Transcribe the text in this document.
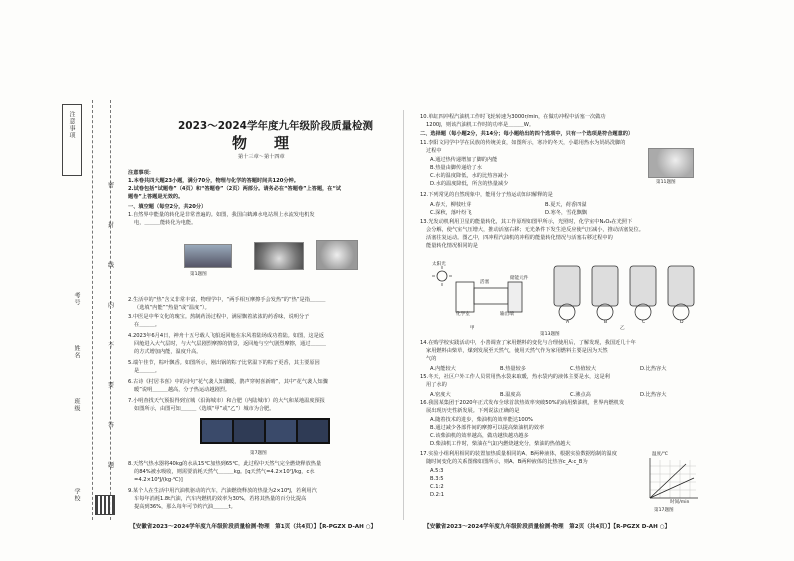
注意事项
学校
班级
姓名
考号
密
封
线
内
不
要
答
题
2023～2024学年度九年级阶段质量检测
物　理
第十三章～第十四章
注意事项：
1.本卷共四大题23小题，满分70分，物理与化学的答题时间共120分钟。
2.试卷包括“试题卷”（4页）和“答题卷”（2页）两部分。请务必在“答题卷”上答题，在“试
题卷”上答题是无效的。
一、填空题（每空2分，共20分）
1.自然界中能量的转化是非常普遍的。如图，我国白鹤滩水电站坝上水流发电机发
电，＿＿＿能转化为电能。
第1题图
2.生活中的“热”含义非常丰富，物理学中，“两手相互摩擦手会发热”的“热”是指＿＿＿
（选填“内能”“热量”或“温度”）。
3.中医是中华文化的瑰宝。熬制药汤过程中，满屋飘着浓浓的药香味，说明分子
在＿＿＿。
4.2023年6月4日，神舟十五号载人飞船返回舱在东风着陆场成功着陆。如图，这是返
回舱进入大气层时，与大气层剧烈摩擦的情景，返回舱与空气剧烈摩擦，通过＿＿＿
的方式增加内能，温度升高。
5.端午佳节，粽叶飘香。如图所示，刚出锅的粽子比常温下的粽子更香，其主要原因
是＿＿＿。
6.古诗《村居书喜》中的诗句“花气袭人知骤暖，鹊声穿树喜新晴”，其中“花气袭人知骤
暖”说明＿＿＿越高，分子热运动越剧烈。
7.小明查找天气预报得到宣城（沿海城市）和合肥（内陆城市）的大气和某地温度预报
如图所示，由图可知＿＿＿（选填“甲”或“乙”）城市为合肥。
第7题图
8.天然气热水器将40kg的水从15℃加热到65℃，此过程中天然气完全燃烧释放热量
的84%被水吸收，则需要消耗天然气＿＿＿kg。[q天然气=4.2×10⁷J/kg，c水
=4.2×10³J/(kg·℃)]
9.某个人在生活中用汽油机驱动的汽车，汽油燃烧释放的热量为2×10⁸J，若利用汽
车每年消耗1.8t汽油，汽车内燃机的效率为30%，若将其热量的百分比提高
提高到36%，那么每年可节约汽油＿＿＿t。
【安徽省2023～2024学年度九年级阶段质量检测·物理　第1页（共4页）】【R-PGZX D-AH ○】
10.单缸四冲程汽油机工作时飞轮转速为3000r/min，在做功冲程中活塞一次做功
1200J，则该汽油机工作时的功率是＿＿＿W。
二、选择题（每小题2分，共14分；每小题给出的四个选项中，只有一个选项是符合题意的）
11.李阳文同学中学在民族的传统美食，如图所示，寒冷的冬天，小聪用热水为妈妈洗脚的
过程中
A.通过热传递增加了脚的内能
B.热量由脚传递给了水
C.水的温度降低，水的比热容减小
D.水的温度降低，所含的热量减少	第11题图
12.下列常见的自然现象中，能用分子热运动知识解释的是
A.春天，柳枝吐芽	B.夏天，荷香四溢
C.深秋，落叶纷飞	D.寒冬，雪花飘飘
13.光发动机利用卫星的能量转化，其工作原理如图甲所示，光照时，化学室中N₂O₄在光照下
会分解，使气室气压增大，推动活塞右移；无光条件下发生逆反应使气压减小，推动活塞复位。
活塞往复运动。图乙中，四冲程汽油机的冲程的能量转化情况与活塞右移过程中的
能量转化情况相同的是
太阳光
化学室
活塞
输出端
储能元件
甲	乙
A	B	C	D
第13题图
14.在购学校实践活动中，小善调查了家用燃料的变化与合理使用后，了解发现，我国近几十年
家用燃料由柴草，煤到发展至天然气，使用天然气作为家用燃料主要是因为天然
气的
A.内能较大	B.热量较多	C.热值较大	D.比热容大
15.冬天，社区户外工作人员常用热水袋来取暖，热水袋内的液体主要是水，这是利
用了水的
A.密度大	B.温度高	C.沸点高	D.比热容大
16.我国某集团于2020年正式发布全球首款热效率突破50%的商用柴油机，世界内燃机发
展出现历史性新发展。下列说法正确的是
A.随着技术的进步，柴油机的效率能达100%
B.通过减少各部件间的摩擦可以提高柴油机的效率
C.该柴油机的效率越高，做功越快越功越多
D.柴油机工作时，柴油在气缸内燃烧越充分，柴油的热值越大
17.实验小组利用相同的装置加热质量相同的A、B两种液体，根据实验数据绘制的温度
随时间变化的关系图像如图所示，则A、B两种液体的比热容c_A:c_B为
A.5:3
B.3:5
C.1:2
D.2:1
温度/℃
时间/min
第17题图
【安徽省2023～2024学年度九年级阶段质量检测·物理　第2页（共4页）】【R-PGZX D-AH ○】
